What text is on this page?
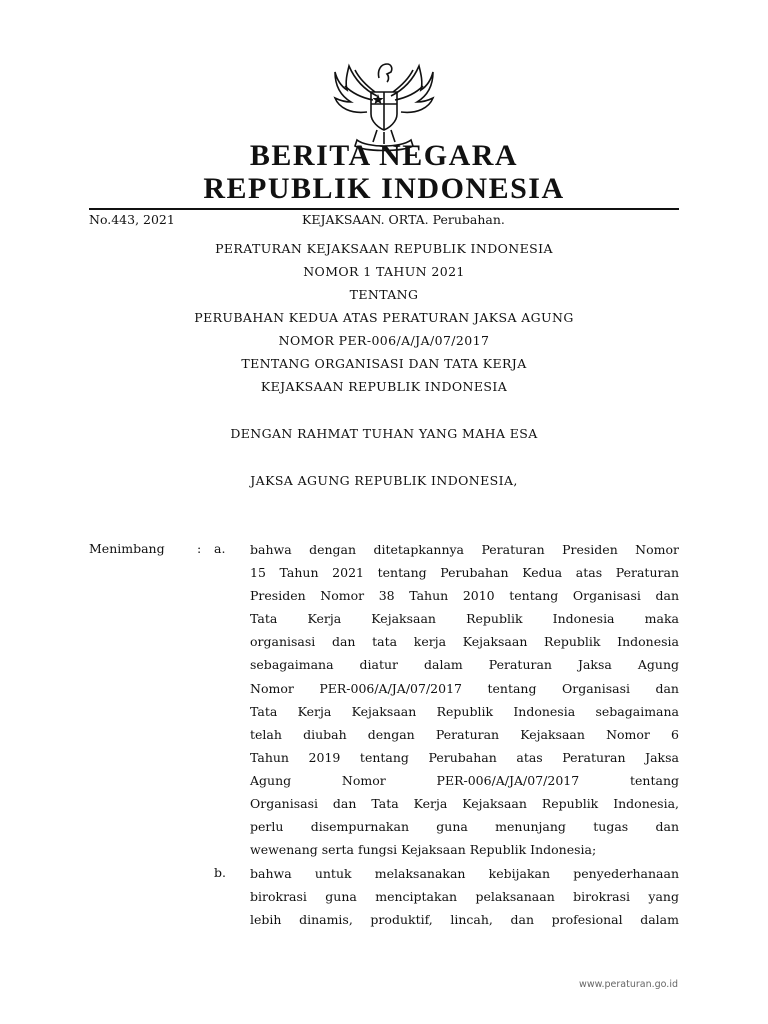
BERITA NEGARA
REPUBLIK INDONESIA
No.443, 2021	KEJAKSAAN. ORTA. Perubahan.
PERATURAN KEJAKSAAN REPUBLIK INDONESIA
NOMOR 1 TAHUN 2021
TENTANG
PERUBAHAN KEDUA ATAS PERATURAN JAKSA AGUNG
NOMOR PER-006/A/JA/07/2017
TENTANG ORGANISASI DAN TATA KERJA
KEJAKSAAN REPUBLIK INDONESIA
DENGAN RAHMAT TUHAN YANG MAHA ESA
JAKSA AGUNG REPUBLIK INDONESIA,
Menimbang	: a. bahwa dengan ditetapkannya Peraturan Presiden Nomor
15 Tahun 2021 tentang Perubahan Kedua atas Peraturan
Presiden Nomor 38 Tahun 2010 tentang Organisasi dan
Tata Kerja Kejaksaan Republik Indonesia maka
organisasi dan tata kerja Kejaksaan Republik Indonesia
sebagaimana diatur dalam Peraturan Jaksa Agung
Nomor PER-006/A/JA/07/2017 tentang Organisasi dan
Tata Kerja Kejaksaan Republik Indonesia sebagaimana
telah diubah dengan Peraturan Kejaksaan Nomor 6
Tahun 2019 tentang Perubahan atas Peraturan Jaksa
Agung Nomor PER-006/A/JA/07/2017 tentang
Organisasi dan Tata Kerja Kejaksaan Republik Indonesia,
perlu disempurnakan guna menunjang tugas dan
wewenang serta fungsi Kejaksaan Republik Indonesia;
b. bahwa untuk melaksanakan kebijakan penyederhanaan
birokrasi guna menciptakan pelaksanaan birokrasi yang
lebih dinamis, produktif, lincah, dan profesional dalam
www.peraturan.go.id
